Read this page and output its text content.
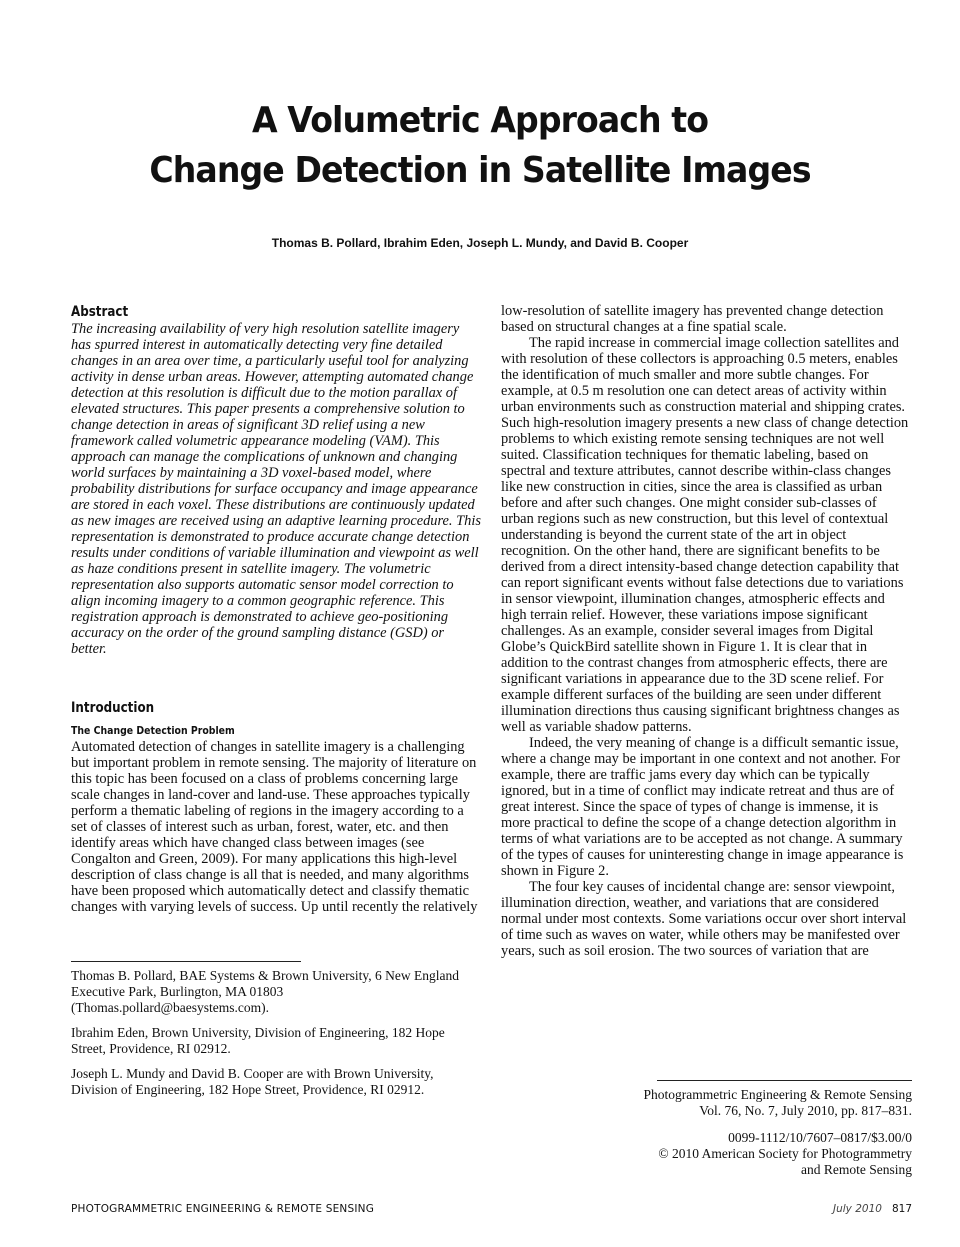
A Volumetric Approach to
Change Detection in Satellite Images
Thomas B. Pollard, Ibrahim Eden, Joseph L. Mundy, and David B. Cooper
Abstract

The increasing availability of very high resolution satellite imagery has spurred interest in automatically detecting very fine detailed changes in an area over time, a particularly useful tool for analyzing activity in dense urban areas. However, attempting automated change detection at this resolution is difficult due to the motion parallax of elevated structures. This paper presents a comprehensive solution to change detection in areas of significant 3D relief using a new framework called volumetric appearance modeling (VAM). This approach can manage the complications of unknown and changing world surfaces by maintaining a 3D voxel-based model, where probability distributions for surface occupancy and image appearance are stored in each voxel. These distributions are continuously updated as new images are received using an adaptive learning procedure. This representation is demonstrated to produce accurate change detection results under conditions of variable illumination and viewpoint as well as haze conditions present in satellite imagery. The volumetric representation also supports automatic sensor model correction to align incoming imagery to a common geographic reference. This registration approach is demonstrated to achieve geo-positioning accuracy on the order of the ground sampling distance (GSD) or better.

Introduction
The Change Detection Problem

Automated detection of changes in satellite imagery is a challenging but important problem in remote sensing. The majority of literature on this topic has been focused on a class of problems concerning large scale changes in land-cover and land-use. These approaches typically perform a thematic labeling of regions in the imagery according to a set of classes of interest such as urban, forest, water, etc. and then identify areas which have changed class between images (see Congalton and Green, 2009). For many applications this high-level description of class change is all that is needed, and many algorithms have been proposed which automatically detect and classify thematic changes with varying levels of success. Up until recently the relatively

Thomas B. Pollard, BAE Systems & Brown University, 6 New England Executive Park, Burlington, MA 01803 (Thomas.pollard@baesystems.com).

Ibrahim Eden, Brown University, Division of Engineering, 182 Hope Street, Providence, RI 02912.

Joseph L. Mundy and David B. Cooper are with Brown University, Division of Engineering, 182 Hope Street, Providence, RI 02912.

low-resolution of satellite imagery has prevented change detection based on structural changes at a fine spatial scale.

The rapid increase in commercial image collection satellites and with resolution of these collectors is approaching 0.5 meters, enables the identification of much smaller and more subtle changes. For example, at 0.5 m resolution one can detect areas of activity within urban environments such as construction material and shipping crates. Such high-resolution imagery presents a new class of change detection problems to which existing remote sensing techniques are not well suited. Classification techniques for thematic labeling, based on spectral and texture attributes, cannot describe within-class changes like new construction in cities, since the area is classified as urban before and after such changes. One might consider sub-classes of urban regions such as new construction, but this level of contextual understanding is beyond the current state of the art in object recognition. On the other hand, there are significant benefits to be derived from a direct intensity-based change detection capability that can report significant events without false detections due to variations in sensor viewpoint, illumination changes, atmospheric effects and high terrain relief. However, these variations impose significant challenges. As an example, consider several images from Digital Globe’s QuickBird satellite shown in Figure 1. It is clear that in addition to the contrast changes from atmospheric effects, there are significant variations in appearance due to the 3D scene relief. For example different surfaces of the building are seen under different illumination directions thus causing significant brightness changes as well as variable shadow patterns.

Indeed, the very meaning of change is a difficult semantic issue, where a change may be important in one context and not another. For example, there are traffic jams every day which can be typically ignored, but in a time of conflict may indicate retreat and thus are of great interest. Since the space of types of change is immense, it is more practical to define the scope of a change detection algorithm in terms of what variations are to be accepted as not change. A summary of the types of causes for uninteresting change in image appearance is shown in Figure 2.

The four key causes of incidental change are: sensor viewpoint, illumination direction, weather, and variations that are considered normal under most contexts. Some variations occur over short interval of time such as waves on water, while others may be manifested over years, such as soil erosion. The two sources of variation that are

Photogrammetric Engineering & Remote Sensing

Vol. 76, No. 7, July 2010, pp. 817–831.

0099-1112/10/7607–0817/$3.00/0

© 2010 American Society for Photogrammetry

and Remote Sensing

PHOTOGRAMMETRIC ENGINEERING & REMOTE SENSING	July 2010 817
